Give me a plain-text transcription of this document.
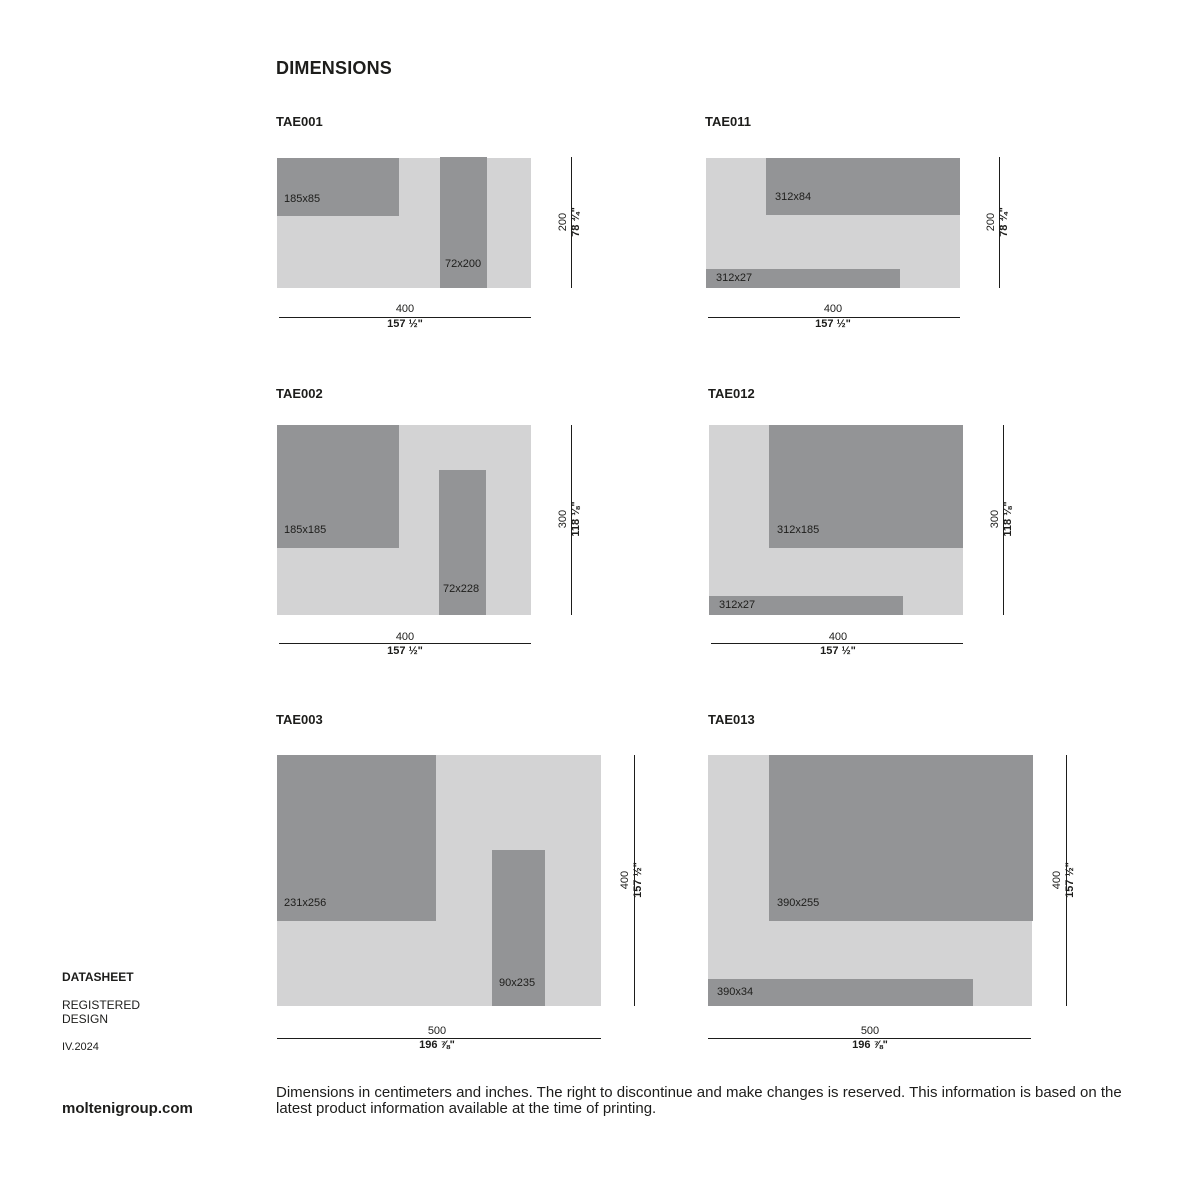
DIMENSIONS
TAE001
185x85
72x200
400
157 ½"
200 78 ¾"
TAE011
312x84
312x27
400
157 ½"
200 78 ¾"
TAE002
185x185
72x228
400
157 ½"
300 118 ⅛"
TAE012
312x185
312x27
400
157 ½"
300 118 ⅛"
TAE003
231x256
90x235
500
196 ⅞"
400 157 ½"
TAE013
390x255
390x34
500
196 ⅞"
400 157 ½"
DATASHEET
REGISTERED DESIGN
IV.2024
moltenigroup.com
Dimensions in centimeters and inches. The right to discontinue and make changes is reserved. This information is based on the latest product information available at the time of printing.
